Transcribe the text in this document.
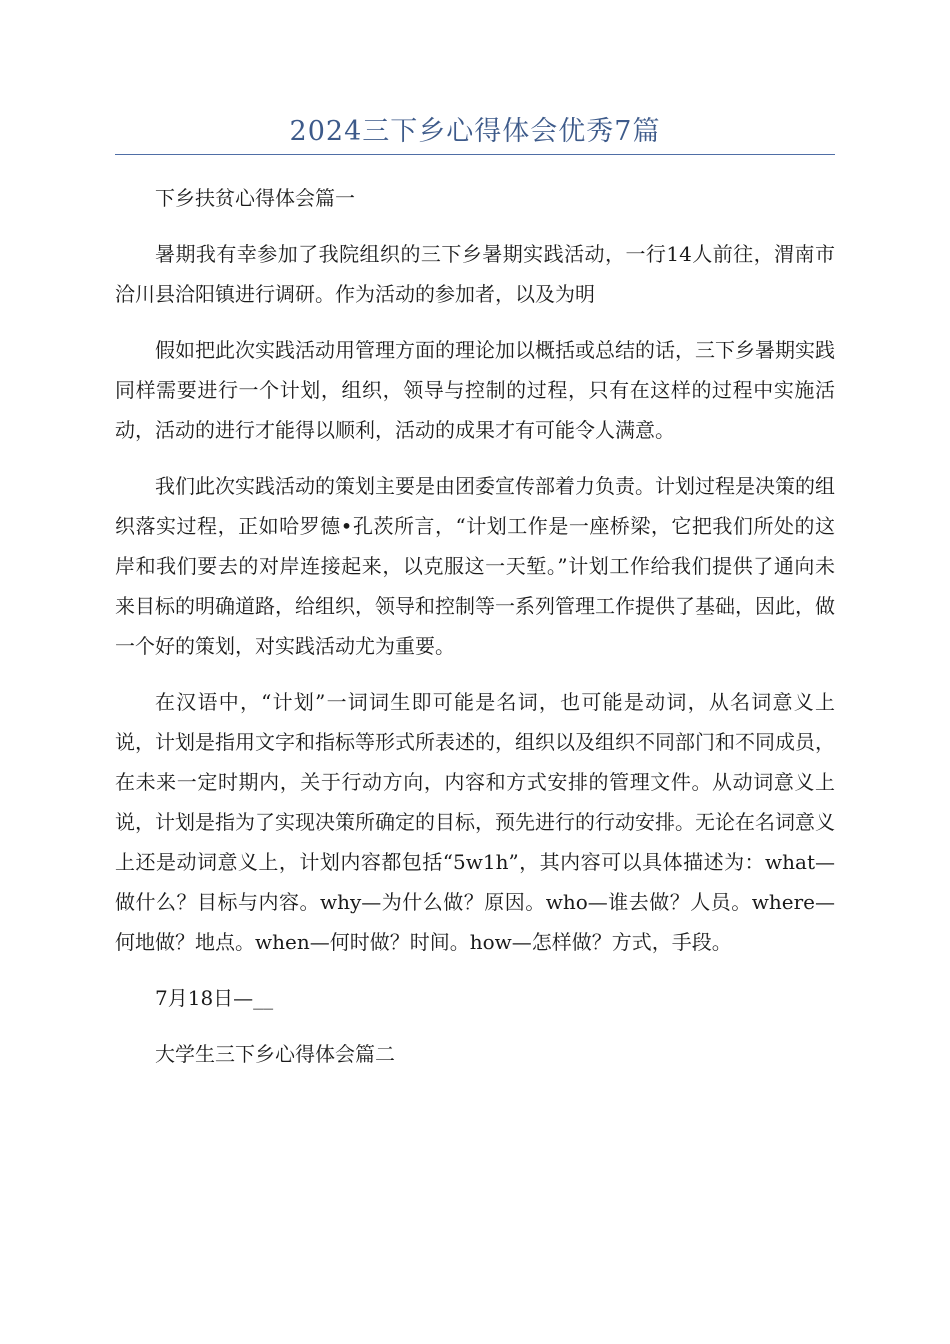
2024三下乡心得体会优秀7篇

下乡扶贫心得体会篇一

暑期我有幸参加了我院组织的三下乡暑期实践活动，一行14人前往，渭南市洽川县洽阳镇进行调研。作为活动的参加者，以及为明

假如把此次实践活动用管理方面的理论加以概括或总结的话，三下乡暑期实践同样需要进行一个计划，组织，领导与控制的过程，只有在这样的过程中实施活动，活动的进行才能得以顺利，活动的成果才有可能令人满意。

我们此次实践活动的策划主要是由团委宣传部着力负责。计划过程是决策的组织落实过程，正如哈罗德•孔茨所言，“计划工作是一座桥梁，它把我们所处的这岸和我们要去的对岸连接起来，以克服这一天堑。”计划工作给我们提供了通向未来目标的明确道路，给组织，领导和控制等一系列管理工作提供了基础，因此，做一个好的策划，对实践活动尤为重要。

在汉语中，“计划”一词词生即可能是名词，也可能是动词，从名词意义上说，计划是指用文字和指标等形式所表述的，组织以及组织不同部门和不同成员，在未来一定时期内，关于行动方向，内容和方式安排的管理文件。从动词意义上说，计划是指为了实现决策所确定的目标，预先进行的行动安排。无论在名词意义上还是动词意义上，计划内容都包括“5w1h”，其内容可以具体描述为：what—做什么？目标与内容。why—为什么做？原因。who—谁去做？人员。where—何地做？地点。when—何时做？时间。how—怎样做？方式，手段。

7月18日—__

大学生三下乡心得体会篇二
